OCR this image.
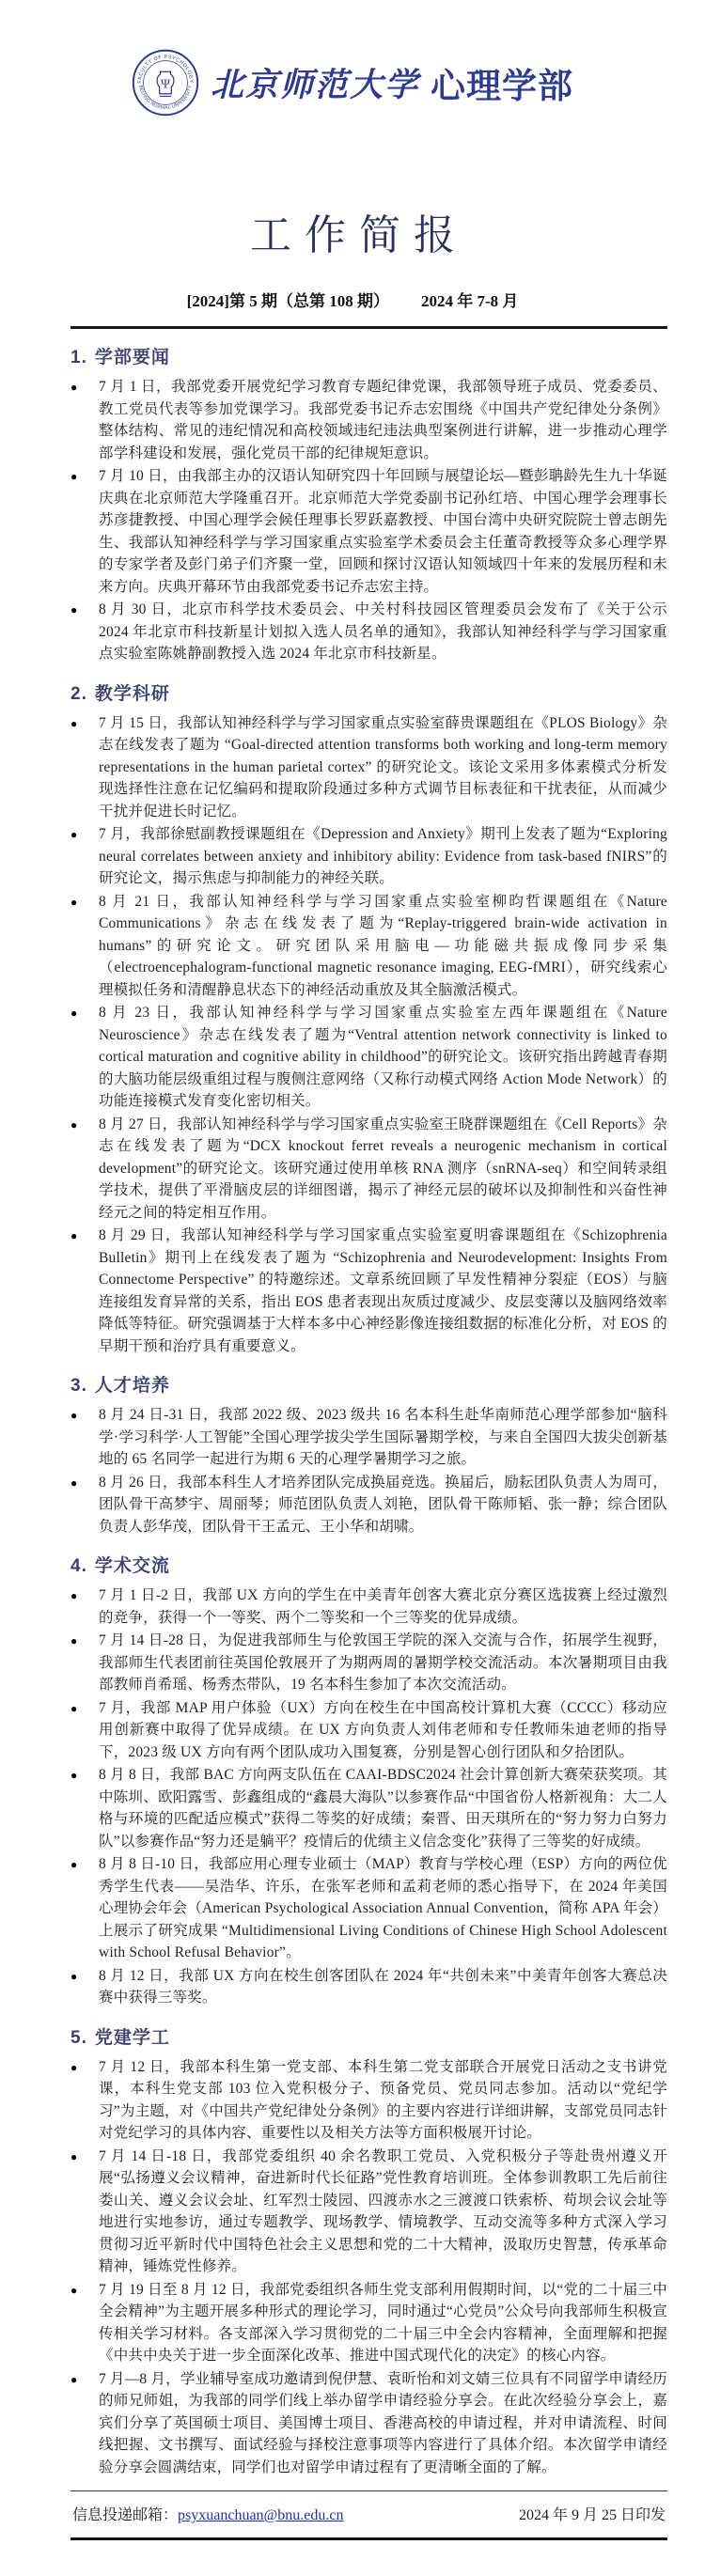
FACULTY OF PSYCHOLOGY
BEIJING NORMAL UNIVERSITY
Ψ 北京师范大学 心理学部
工作简报
[2024]第 5 期（总第 108 期） 2024 年 7-8 月
1. 学部要闻
●	7 月 1 日，我部党委开展党纪学习教育专题纪律党课，我部领导班子成员、党委委员、教工党员代表等参加党课学习。我部党委书记乔志宏围绕《中国共产党纪律处分条例》整体结构、常见的违纪情况和高校领域违纪违法典型案例进行讲解，进一步推动心理学部学科建设和发展，强化党员干部的纪律规矩意识。
●	7 月 10 日，由我部主办的汉语认知研究四十年回顾与展望论坛—暨彭聃龄先生九十华诞庆典在北京师范大学隆重召开。北京师范大学党委副书记孙红培、中国心理学会理事长苏彦捷教授、中国心理学会候任理事长罗跃嘉教授、中国台湾中央研究院院士曾志朗先生、我部认知神经科学与学习国家重点实验室学术委员会主任董奇教授等众多心理学界的专家学者及彭门弟子们齐聚一堂，回顾和探讨汉语认知领域四十年来的发展历程和未来方向。庆典开幕环节由我部党委书记乔志宏主持。
●	8 月 30 日，北京市科学技术委员会、中关村科技园区管理委员会发布了《关于公示 2024 年北京市科技新星计划拟入选人员名单的通知》，我部认知神经科学与学习国家重点实验室陈姚静副教授入选 2024 年北京市科技新星。
2. 教学科研
●	7 月 15 日，我部认知神经科学与学习国家重点实验室薛贵课题组在《PLOS Biology》杂志在线发表了题为 “Goal-directed attention transforms both working and long-term memory representations in the human parietal cortex” 的研究论文。该论文采用多体素模式分析发现选择性注意在记忆编码和提取阶段通过多种方式调节目标表征和干扰表征，从而减少干扰并促进长时记忆。
●	7 月，我部徐慰副教授课题组在《Depression and Anxiety》期刊上发表了题为“Exploring neural correlates between anxiety and inhibitory ability: Evidence from task-based fNIRS”的研究论文，揭示焦虑与抑制能力的神经关联。
●	8 月 21 日，我部认知神经科学与学习国家重点实验室柳昀哲课题组在《Nature Communications》杂志在线发表了题为“Replay-triggered brain-wide activation in humans”的研究论文。研究团队采用脑电—功能磁共振成像同步采集（electroencephalogram-functional magnetic resonance imaging, EEG-fMRI），研究线索心理模拟任务和清醒静息状态下的神经活动重放及其全脑激活模式。
●	8 月 23 日，我部认知神经科学与学习国家重点实验室左西年课题组在《Nature Neuroscience》杂志在线发表了题为“Ventral attention network connectivity is linked to cortical maturation and cognitive ability in childhood”的研究论文。该研究指出跨越青春期的大脑功能层级重组过程与腹侧注意网络（又称行动模式网络 Action Mode Network）的功能连接模式发育变化密切相关。
●	8 月 27 日，我部认知神经科学与学习国家重点实验室王晓群课题组在《Cell Reports》杂志在线发表了题为“DCX knockout ferret reveals a neurogenic mechanism in cortical development”的研究论文。该研究通过使用单核 RNA 测序（snRNA-seq）和空间转录组学技术，提供了平滑脑皮层的详细图谱，揭示了神经元层的破坏以及抑制性和兴奋性神经元之间的特定相互作用。
●	8 月 29 日，我部认知神经科学与学习国家重点实验室夏明睿课题组在《Schizophrenia Bulletin》期刊上在线发表了题为 “Schizophrenia and Neurodevelopment: Insights From Connectome Perspective” 的特邀综述。文章系统回顾了早发性精神分裂症（EOS）与脑连接组发育异常的关系，指出 EOS 患者表现出灰质过度减少、皮层变薄以及脑网络效率降低等特征。研究强调基于大样本多中心神经影像连接组数据的标准化分析，对 EOS 的早期干预和治疗具有重要意义。
3. 人才培养
●	8 月 24 日-31 日，我部 2022 级、2023 级共 16 名本科生赴华南师范心理学部参加“脑科学·学习科学·人工智能”全国心理学拔尖学生国际暑期学校，与来自全国四大拔尖创新基地的 65 名同学一起进行为期 6 天的心理学暑期学习之旅。
●	8 月 26 日，我部本科生人才培养团队完成换届竞选。换届后，励耘团队负责人为周可，团队骨干高梦宇、周丽琴；师范团队负责人刘艳，团队骨干陈师韬、张一静；综合团队负责人彭华茂，团队骨干王孟元、王小华和胡啸。
4. 学术交流
●	7 月 1 日-2 日，我部 UX 方向的学生在中美青年创客大赛北京分赛区选拔赛上经过激烈的竞争，获得一个一等奖、两个二等奖和一个三等奖的优异成绩。
●	7 月 14 日-28 日，为促进我部师生与伦敦国王学院的深入交流与合作，拓展学生视野，我部师生代表团前往英国伦敦展开了为期两周的暑期学校交流活动。本次暑期项目由我部教师肖希瑶、杨秀杰带队，19 名本科生参加了本次交流活动。
●	7 月，我部 MAP 用户体验（UX）方向在校生在中国高校计算机大赛（CCCC）移动应用创新赛中取得了优异成绩。在 UX 方向负责人刘伟老师和专任教师朱迪老师的指导下，2023 级 UX 方向有两个团队成功入围复赛，分别是智心创行团队和夕拾团队。
●	8 月 8 日，我部 BAC 方向两支队伍在 CAAI-BDSC2024 社会计算创新大赛荣获奖项。其中陈圳、欧阳露雪、彭鑫组成的“鑫晨大海队”以参赛作品“中国省份人格新视角：大二人格与环境的匹配适应模式”获得二等奖的好成绩；秦晋、田天琪所在的“努力努力白努力队”以参赛作品“努力还是躺平？疫情后的优绩主义信念变化”获得了三等奖的好成绩。
●	8 月 8 日-10 日，我部应用心理专业硕士（MAP）教育与学校心理（ESP）方向的两位优秀学生代表——吴浩华、许乐，在张军老师和孟莉老师的悉心指导下，在 2024 年美国心理协会年会（American Psychological Association Annual Convention，简称 APA 年会）上展示了研究成果 “Multidimensional Living Conditions of Chinese High School Adolescent with School Refusal Behavior”。
●	8 月 12 日，我部 UX 方向在校生创客团队在 2024 年“共创未来”中美青年创客大赛总决赛中获得三等奖。
5. 党建学工
●	7 月 12 日，我部本科生第一党支部、本科生第二党支部联合开展党日活动之支书讲党课，本科生党支部 103 位入党积极分子、预备党员、党员同志参加。活动以“党纪学习”为主题，对《中国共产党纪律处分条例》的主要内容进行详细讲解，支部党员同志针对党纪学习的具体内容、重要性以及相关方法等方面积极展开讨论。
●	7 月 14 日-18 日，我部党委组织 40 余名教职工党员、入党积极分子等赴贵州遵义开展“弘扬遵义会议精神，奋进新时代长征路”党性教育培训班。全体参训教职工先后前往娄山关、遵义会议会址、红军烈士陵园、四渡赤水之三渡渡口铁索桥、苟坝会议会址等地进行实地参访，通过专题教学、现场教学、情境教学、互动交流等多种方式深入学习贯彻习近平新时代中国特色社会主义思想和党的二十大精神，汲取历史智慧，传承革命精神，锤炼党性修养。
●	7 月 19 日至 8 月 12 日，我部党委组织各师生党支部利用假期时间，以“党的二十届三中全会精神”为主题开展多种形式的理论学习，同时通过“心党员”公众号向我部师生积极宣传相关学习材料。各支部深入学习贯彻党的二十届三中全会内容精神，全面理解和把握《中共中央关于进一步全面深化改革、推进中国式现代化的决定》的核心内容。
●	7 月—8 月，学业辅导室成功邀请到倪伊慧、袁昕怡和刘文婧三位具有不同留学申请经历的师兄师姐，为我部的同学们线上举办留学申请经验分享会。在此次经验分享会上，嘉宾们分享了英国硕士项目、美国博士项目、香港高校的申请过程，并对申请流程、时间线把握、文书撰写、面试经验与择校注意事项等内容进行了具体介绍。本次留学申请经验分享会圆满结束，同学们也对留学申请过程有了更清晰全面的了解。
信息投递邮箱：psyxuanchuan@bnu.edu.cn	2024 年 9 月 25 日印发
